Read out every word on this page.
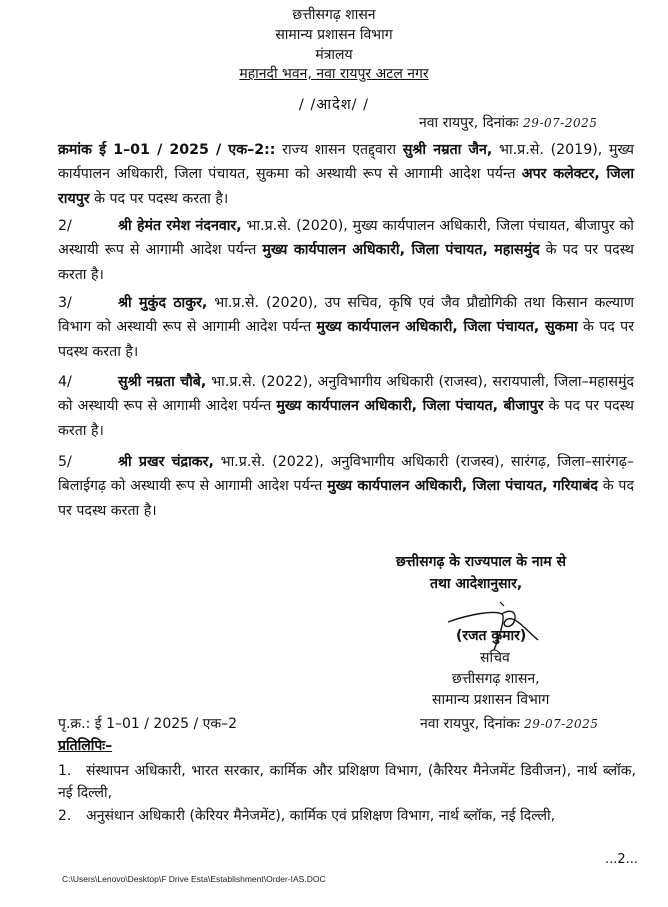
छत्तीसगढ़ शासन
सामान्य प्रशासन विभाग
मंत्रालय
महानदी भवन, नवा रायपुर अटल नगर
/ /आदेश/ /
नवा रायपुर, दिनांकः 29-07-2025
क्रमांक ई 1–01 / 2025 / एक–2:: राज्य शासन एतद्द्वारा सुश्री नम्रता जैन, भा.प्र.से. (2019), मुख्य कार्यपालन अधिकारी, जिला पंचायत, सुकमा को अस्थायी रूप से आगामी आदेश पर्यन्त अपर कलेक्टर, जिला रायपुर के पद पर पदस्थ करता है।
2/	श्री हेमंत रमेश नंदनवार, भा.प्र.से. (2020), मुख्य कार्यपालन अधिकारी, जिला पंचायत, बीजापुर को अस्थायी रूप से आगामी आदेश पर्यन्त मुख्य कार्यपालन अधिकारी, जिला पंचायत, महासमुंद के पद पर पदस्थ करता है।
3/	श्री मुकुंद ठाकुर, भा.प्र.से. (2020), उप सचिव, कृषि एवं जैव प्रौद्योगिकी तथा किसान कल्याण विभाग को अस्थायी रूप से आगामी आदेश पर्यन्त मुख्य कार्यपालन अधिकारी, जिला पंचायत, सुकमा के पद पर पदस्थ करता है।
4/	सुश्री नम्रता चौबे, भा.प्र.से. (2022), अनुविभागीय अधिकारी (राजस्व), सरायपाली, जिला–महासमुंद को अस्थायी रूप से आगामी आदेश पर्यन्त मुख्य कार्यपालन अधिकारी, जिला पंचायत, बीजापुर के पद पर पदस्थ करता है।
5/	श्री प्रखर चंद्राकर, भा.प्र.से. (2022), अनुविभागीय अधिकारी (राजस्व), सारंगढ़, जिला–सारंगढ़–बिलाईगढ़ को अस्थायी रूप से आगामी आदेश पर्यन्त मुख्य कार्यपालन अधिकारी, जिला पंचायत, गरियाबंद के पद पर पदस्थ करता है।
छत्तीसगढ़ के राज्यपाल के नाम से
तथा आदेशानुसार,
(रजत कुमार)
सचिव
छत्तीसगढ़ शासन,
सामान्य प्रशासन विभाग
पृ.क्र.: ई 1–01 / 2025 / एक–2	नवा रायपुर, दिनांकः 29-07-2025
प्रतिलिपिः–
1. संस्थापन अधिकारी, भारत सरकार, कार्मिक और प्रशिक्षण विभाग, (कैरियर मैनेजमेंट डिवीजन), नार्थ ब्लॉक, नई दिल्ली,
2. अनुसंधान अधिकारी (केरियर मैनेजमेंट), कार्मिक एवं प्रशिक्षण विभाग, नार्थ ब्लॉक, नई दिल्ली,
...2...
C:\Users\Lenovo\Desktop\F Drive Esta\Establishment\Order-IAS.DOC
